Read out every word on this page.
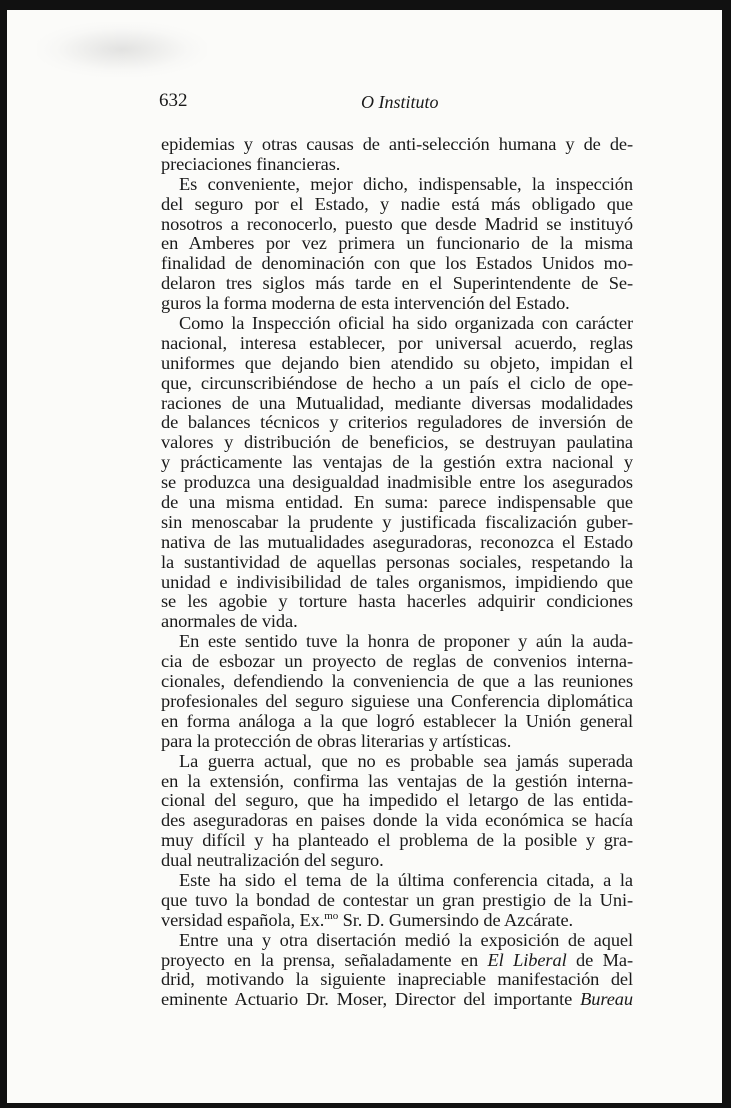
632	O Instituto
epidemias y otras causas de anti-selección humana y de de-
preciaciones financieras.
Es conveniente, mejor dicho, indispensable, la inspección
del seguro por el Estado, y nadie está más obligado que
nosotros a reconocerlo, puesto que desde Madrid se instituyó
en Amberes por vez primera un funcionario de la misma
finalidad de denominación con que los Estados Unidos mo-
delaron tres siglos más tarde en el Superintendente de Se-
guros la forma moderna de esta intervención del Estado.
Como la Inspección oficial ha sido organizada con carácter
nacional, interesa establecer, por universal acuerdo, reglas
uniformes que dejando bien atendido su objeto, impidan el
que, circunscribiéndose de hecho a un país el ciclo de ope-
raciones de una Mutualidad, mediante diversas modalidades
de balances técnicos y criterios reguladores de inversión de
valores y distribución de beneficios, se destruyan paulatina
y prácticamente las ventajas de la gestión extra nacional y
se produzca una desigualdad inadmisible entre los asegurados
de una misma entidad. En suma: parece indispensable que
sin menoscabar la prudente y justificada fiscalización guber-
nativa de las mutualidades aseguradoras, reconozca el Estado
la sustantividad de aquellas personas sociales, respetando la
unidad e indivisibilidad de tales organismos, impidiendo que
se les agobie y torture hasta hacerles adquirir condiciones
anormales de vida.
En este sentido tuve la honra de proponer y aún la auda-
cia de esbozar un proyecto de reglas de convenios interna-
cionales, defendiendo la conveniencia de que a las reuniones
profesionales del seguro siguiese una Conferencia diplomática
en forma análoga a la que logró establecer la Unión general
para la protección de obras literarias y artísticas.
La guerra actual, que no es probable sea jamás superada
en la extensión, confirma las ventajas de la gestión interna-
cional del seguro, que ha impedido el letargo de las entida-
des aseguradoras en paises donde la vida económica se hacía
muy difícil y ha planteado el problema de la posible y gra-
dual neutralización del seguro.
Este ha sido el tema de la última conferencia citada, a la
que tuvo la bondad de contestar un gran prestigio de la Uni-
versidad española, Ex.$^{mo}$ Sr. D. Gumersindo de Azcárate.
Entre una y otra disertación medió la exposición de aquel
proyecto en la prensa, señaladamente en El Liberal de Ma-
drid, motivando la siguiente inapreciable manifestación del
eminente Actuario Dr. Moser, Director del importante Bureau
